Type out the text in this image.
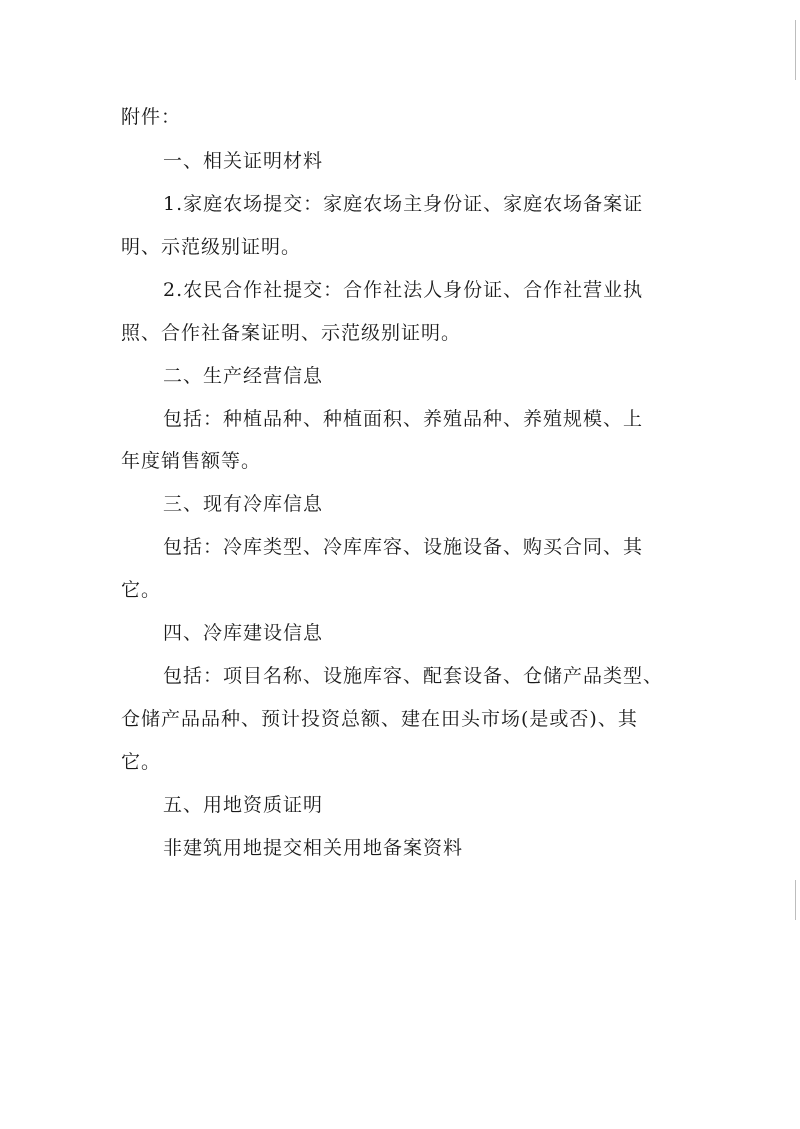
附件：
一、相关证明材料
1.家庭农场提交：家庭农场主身份证、家庭农场备案证
明、示范级别证明。
2.农民合作社提交：合作社法人身份证、合作社营业执
照、合作社备案证明、示范级别证明。
二、生产经营信息
包括：种植品种、种植面积、养殖品种、养殖规模、上
年度销售额等。
三、现有冷库信息
包括：冷库类型、冷库库容、设施设备、购买合同、其
它。
四、冷库建设信息
包括：项目名称、设施库容、配套设备、仓储产品类型、
仓储产品品种、预计投资总额、建在田头市场(是或否)、其
它。
五、用地资质证明
非建筑用地提交相关用地备案资料
